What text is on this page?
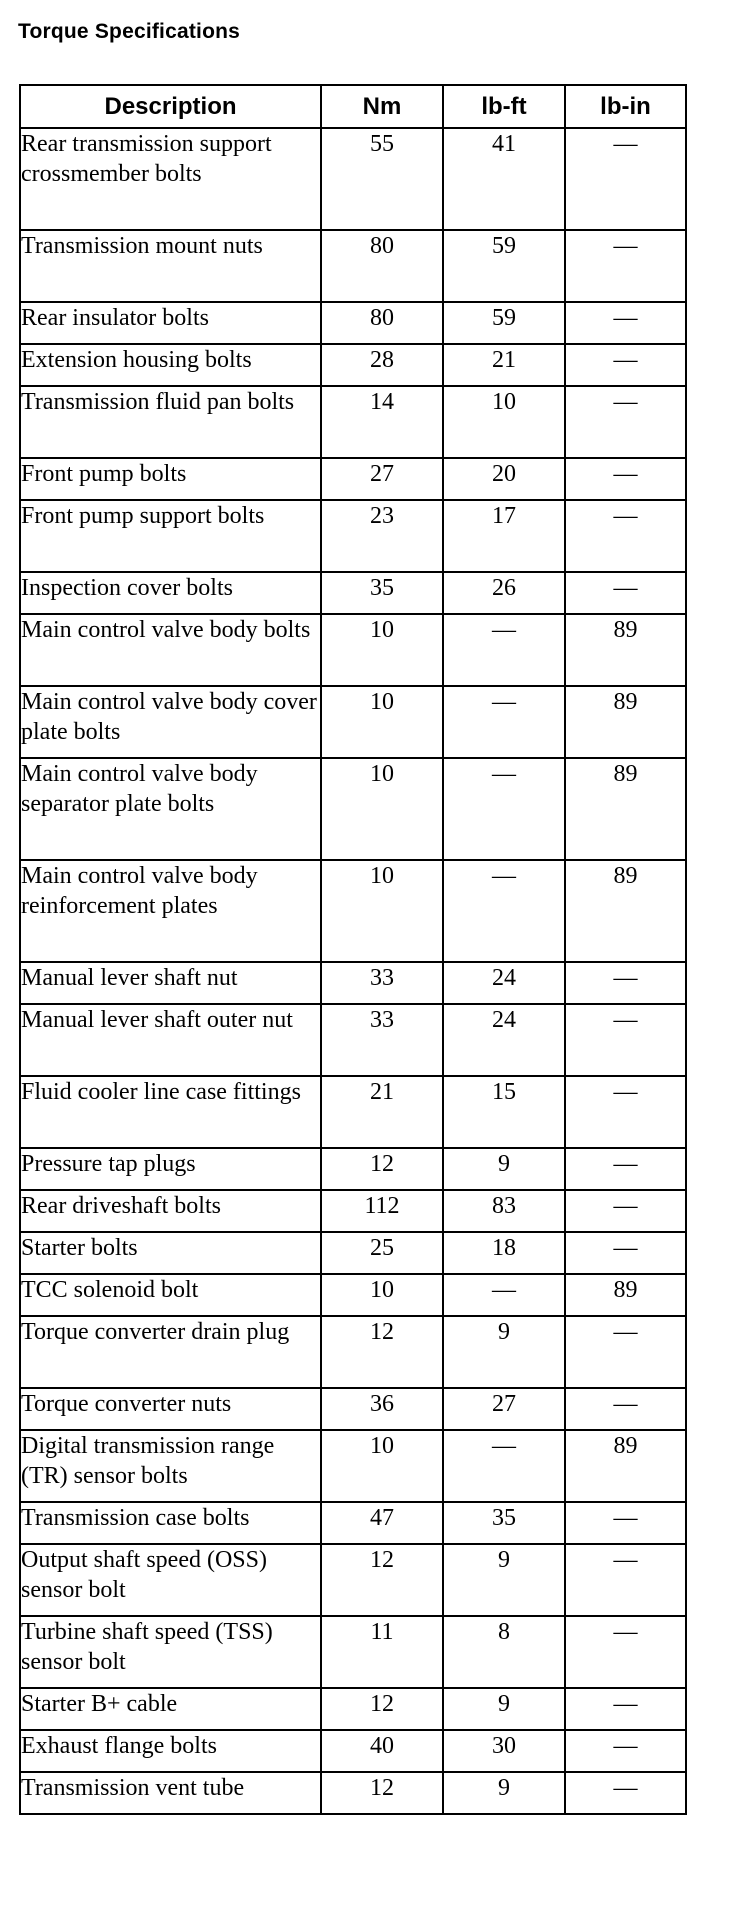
Torque Specifications
Description	Nm	lb-ft	lb-in
Rear transmission support crossmember bolts	55	41	—
Transmission mount nuts	80	59	—
Rear insulator bolts	80	59	—
Extension housing bolts	28	21	—
Transmission fluid pan bolts	14	10	—
Front pump bolts	27	20	—
Front pump support bolts	23	17	—
Inspection cover bolts	35	26	—
Main control valve body bolts	10	—	89
Main control valve body cover plate bolts	10	—	89
Main control valve body separator plate bolts	10	—	89
Main control valve body reinforcement plates	10	—	89
Manual lever shaft nut	33	24	—
Manual lever shaft outer nut	33	24	—
Fluid cooler line case fittings	21	15	—
Pressure tap plugs	12	9	—
Rear driveshaft bolts	112	83	—
Starter bolts	25	18	—
TCC solenoid bolt	10	—	89
Torque converter drain plug	12	9	—
Torque converter nuts	36	27	—
Digital transmission range (TR) sensor bolts	10	—	89
Transmission case bolts	47	35	—
Output shaft speed (OSS) sensor bolt	12	9	—
Turbine shaft speed (TSS) sensor bolt	11	8	—
Starter B+ cable	12	9	—
Exhaust flange bolts	40	30	—
Transmission vent tube	12	9	—
